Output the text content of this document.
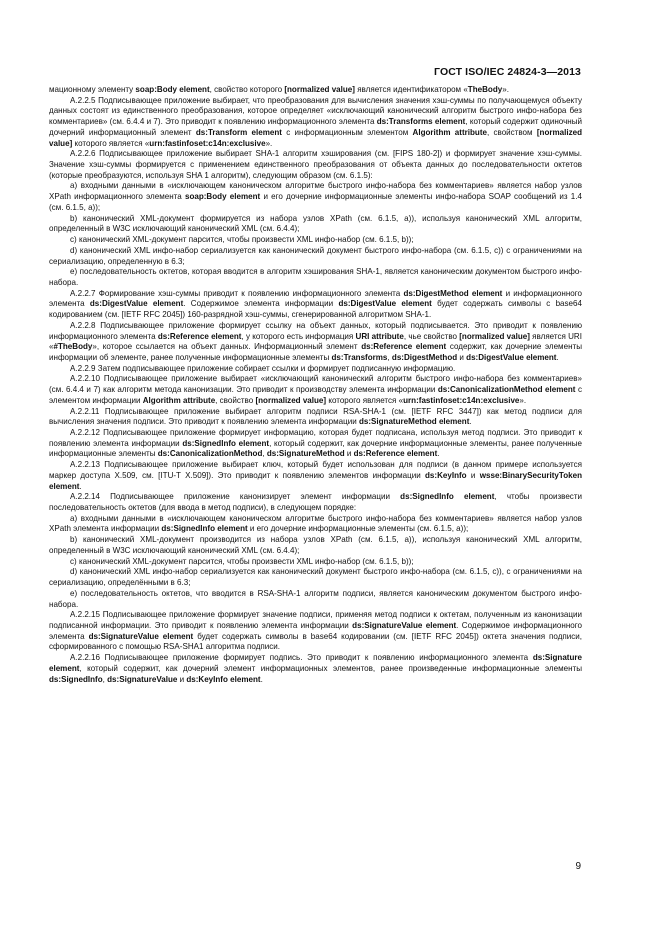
ГОСТ ISO/IEC 24824-3—2013

мационному элементу soap:Body element, свойство которого [normalized value] является идентификатором «TheBody».

А.2.2.5 Подписывающее приложение выбирает, что преобразования для вычисления значения хэш-суммы по получающемуся объекту данных состоят из единственного преобразования, которое определяет «исключающий канонический алгоритм быстрого инфо-набора без комментариев» (см. 6.4.4 и 7). Это приводит к появлению информационного элемента ds:Transforms element, который содержит одиночный дочерний информационный элемент ds:Transform element с информационным элементом Algorithm attribute, свойством [normalized value] которого является «urn:fastinfoset:c14n:exclusive».

А.2.2.6 Подписывающее приложение выбирает SHA-1 алгоритм хэширования (см. [FIPS 180-2]) и формирует значение хэш-суммы. Значение хэш-суммы формируется с применением единственного преобразования от объекта данных до последовательности октетов (которые преобразуются, используя SHA 1 алгоритм), следующим образом (см. 6.1.5):

а) входными данными в «исключающем каноническом алгоритме быстрого инфо-набора без комментариев» является набор узлов XPath информационного элемента soap:Body element и его дочерние информационные элементы инфо-набора SOAP сообщений из 1.4 (см. 6.1.5, а));

b) канонический XML-документ формируется из набора узлов XPath (см. 6.1.5, a)), используя канонический XML алгоритм, определенный в W3C исключающий канонический XML (см. 6.4.4);

c) канонический XML-документ парсится, чтобы произвести XML инфо-набор (см. 6.1.5, b));

d) канонический XML инфо-набор сериализуется как канонический документ быстрого инфо-набора (см. 6.1.5, c)) с ограничениями на сериализацию, определенную в 6.3;

e) последовательность октетов, которая вводится в алгоритм хэширования SHA-1, является каноническим документом быстрого инфо-набора.

А.2.2.7 Формирование хэш-суммы приводит к появлению информационного элемента ds:DigestMethod element и информационного элемента ds:DigestValue element. Содержимое элемента информации ds:DigestValue element будет содержать символы с base64 кодированием (см. [IETF RFC 2045]) 160-разрядной хэш-суммы, сгенерированной алгоритмом SHA-1.

А.2.2.8 Подписывающее приложение формирует ссылку на объект данных, который подписывается. Это приводит к появлению информационного элемента ds:Reference element, у которого есть информация URI attribute, чье свойство [normalized value] является URI «#TheBody», которое ссылается на объект данных. Информационный элемент ds:Reference element содержит, как дочерние элементы информации об элементе, ранее полученные информационные элементы ds:Transforms, ds:DigestMethod и ds:DigestValue element.

А.2.2.9 Затем подписывающее приложение собирает ссылки и формирует подписанную информацию.

А.2.2.10 Подписывающее приложение выбирает «исключающий канонический алгоритм быстрого инфо-набора без комментариев» (см. 6.4.4 и 7) как алгоритм метода канонизации. Это приводит к производству элемента информации ds:CanonicalizationMethod element с элементом информации Algorithm attribute, свойство [normalized value] которого является «urn:fastinfoset:c14n:exclusive».

А.2.2.11 Подписывающее приложение выбирает алгоритм подписи RSA-SHA-1 (см. [IETF RFC 3447]) как метод подписи для вычисления значения подписи. Это приводит к появлению элемента информации ds:SignatureMethod element.

А.2.2.12 Подписывающее приложение формирует информацию, которая будет подписана, используя метод подписи. Это приводит к появлению элемента информации ds:SignedInfo element, который содержит, как дочерние информационные элементы, ранее полученные информационные элементы ds:CanonicalizationMethod, ds:SignatureMethod и ds:Reference element.

А.2.2.13 Подписывающее приложение выбирает ключ, который будет использован для подписи (в данном примере используется маркер доступа X.509, см. [ITU-T X.509]). Это приводит к появлению элементов информации ds:KeyInfo и wsse:BinarySecurityToken element.

А.2.2.14 Подписывающее приложение канонизирует элемент информации ds:SignedInfo element, чтобы произвести последовательность октетов (для ввода в метод подписи), в следующем порядке:

а) входными данными в «исключающем каноническом алгоритме быстрого инфо-набора без комментариев» является набор узлов XPath элемента информации ds:SignedInfo element и его дочерние информационные элементы (см. 6.1.5, а));

b) канонический XML-документ производится из набора узлов XPath (см. 6.1.5, a)), используя канонический XML алгоритм, определенный в W3C исключающий канонический XML (см. 6.4.4);

c) канонический XML-документ парсится, чтобы произвести XML инфо-набор (см. 6.1.5, b));

d) канонический XML инфо-набор сериализуется как канонический документ быстрого инфо-набора (см. 6.1.5, c)), с ограничениями на сериализацию, определёнными в 6.3;

e) последовательность октетов, что вводится в RSA-SHA-1 алгоритм подписи, является каноническим документом быстрого инфо-набора.

А.2.2.15 Подписывающее приложение формирует значение подписи, применяя метод подписи к октетам, полученным из канонизации подписанной информации. Это приводит к появлению элемента информации ds:SignatureValue element. Содержимое информационного элемента ds:SignatureValue element будет содержать символы в base64 кодировании (см. [IETF RFC 2045]) октета значения подписи, сформированного с помощью RSA-SHA1 алгоритма подписи.

А.2.2.16 Подписывающее приложение формирует подпись. Это приводит к появлению информационного элемента ds:Signature element, который содержит, как дочерний элемент информационных элементов, ранее произведенные информационные элементы ds:SignedInfo, ds:SignatureValue и ds:KeyInfo element.

9
